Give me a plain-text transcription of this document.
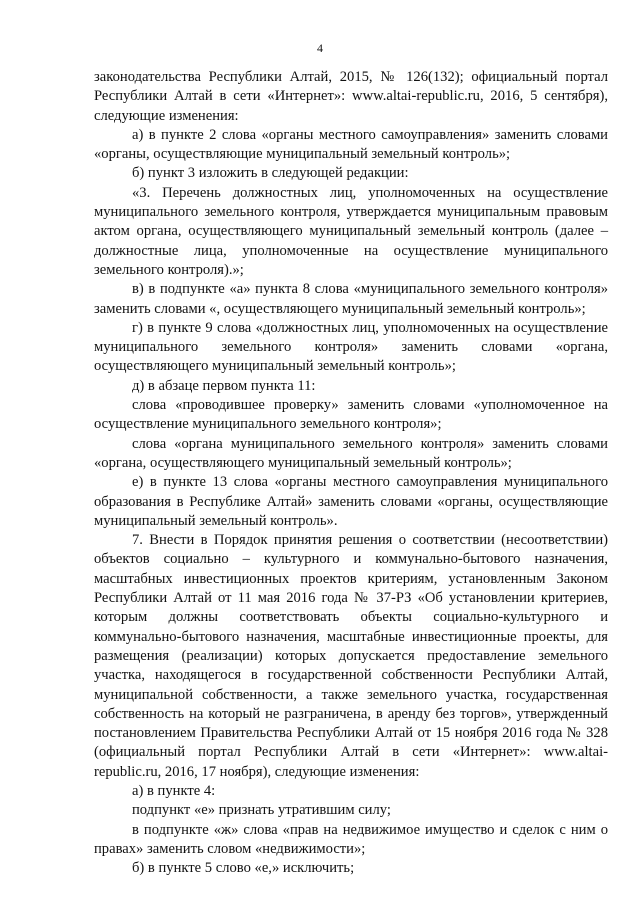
4

законодательства Республики Алтай, 2015, № 126(132); официальный портал Республики Алтай в сети «Интернет»: www.altai-republic.ru, 2016, 5 сентября), следующие изменения:

а) в пункте 2 слова «органы местного самоуправления» заменить словами «органы, осуществляющие муниципальный земельный контроль»;

б) пункт 3 изложить в следующей редакции:

«3. Перечень должностных лиц, уполномоченных на осуществление муниципального земельного контроля, утверждается муниципальным правовым актом органа, осуществляющего муниципальный земельный контроль (далее – должностные лица, уполномоченные на осуществление муниципального земельного контроля).»;

в) в подпункте «а» пункта 8 слова «муниципального земельного контроля» заменить словами «, осуществляющего муниципальный земельный контроль»;

г) в пункте 9 слова «должностных лиц, уполномоченных на осуществление муниципального земельного контроля» заменить словами «органа, осуществляющего муниципальный земельный контроль»;

д) в абзаце первом пункта 11:

слова «проводившее проверку» заменить словами «уполномоченное на осуществление муниципального земельного контроля»;

слова «органа муниципального земельного контроля» заменить словами «органа, осуществляющего муниципальный земельный контроль»;

е) в пункте 13 слова «органы местного самоуправления муниципального образования в Республике Алтай» заменить словами «органы, осуществляющие муниципальный земельный контроль».

7. Внести в Порядок принятия решения о соответствии (несоответствии) объектов социально – культурного и коммунально-бытового назначения, масштабных инвестиционных проектов критериям, установленным Законом Республики Алтай от 11 мая 2016 года № 37-РЗ «Об установлении критериев, которым должны соответствовать объекты социально-культурного и коммунально-бытового назначения, масштабные инвестиционные проекты, для размещения (реализации) которых допускается предоставление земельного участка, находящегося в государственной собственности Республики Алтай, муниципальной собственности, а также земельного участка, государственная собственность на который не разграничена, в аренду без торгов», утвержденный постановлением Правительства Республики Алтай от 15 ноября 2016 года № 328 (официальный портал Республики Алтай в сети «Интернет»: www.altai-republic.ru, 2016, 17 ноября), следующие изменения:

а) в пункте 4:

подпункт «е» признать утратившим силу;

в подпункте «ж» слова «прав на недвижимое имущество и сделок с ним о правах» заменить словом «недвижимости»;

б) в пункте 5 слово «е,» исключить;
